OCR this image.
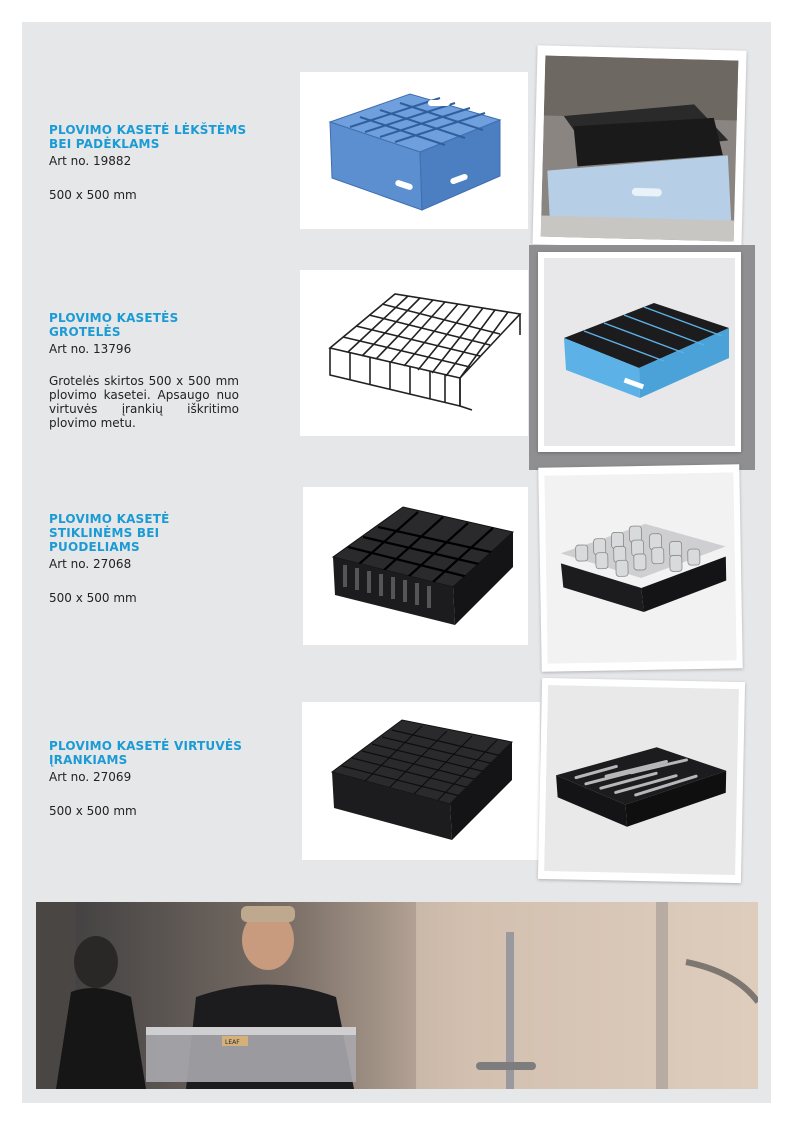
PLOVIMO KASETĖ LĖKŠTĖMS BEI PADĖKLAMS
Art no. 19882
500 x 500 mm
PLOVIMO KASETĖS GROTELĖS
Art no. 13796
Grotelės skirtos 500 x 500 mm plovimo kasetei. Apsaugo nuo virtuvės įrankių iškritimo plovimo metu.
PLOVIMO KASETĖ STIKLINĖMS BEI PUODELIAMS
Art no. 27068
500 x 500 mm
PLOVIMO KASETĖ VIRTUVĖS ĮRANKIAMS
Art no. 27069
500 x 500 mm
LEAF
